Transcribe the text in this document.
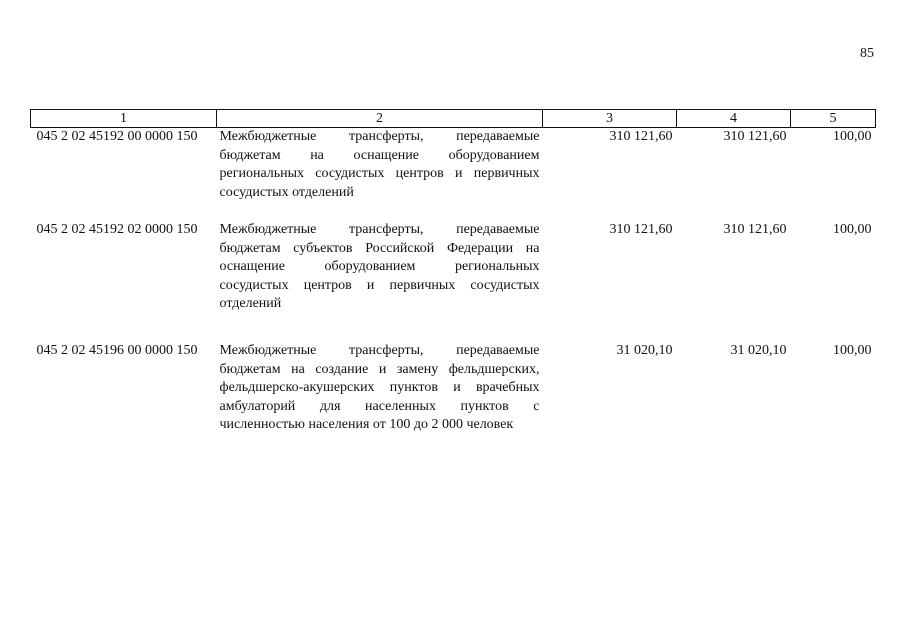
85
1	2	3	4	5
045 2 02 45192 00 0000 150	Межбюджетные трансферты, передаваемые бюджетам на оснащение оборудованием региональных сосудистых центров и первичных сосудистых отделений	310 121,60	310 121,60	100,00
045 2 02 45192 02 0000 150	Межбюджетные трансферты, передаваемые бюджетам субъектов Российской Федерации на оснащение оборудованием региональных сосудистых центров и первичных сосудистых отделений	310 121,60	310 121,60	100,00
045 2 02 45196 00 0000 150	Межбюджетные трансферты, передаваемые бюджетам на создание и замену фельдшерских, фельдшерско-акушерских пунктов и врачебных амбулаторий для населенных пунктов с численностью населения от 100 до 2 000 человек	31 020,10	31 020,10	100,00
